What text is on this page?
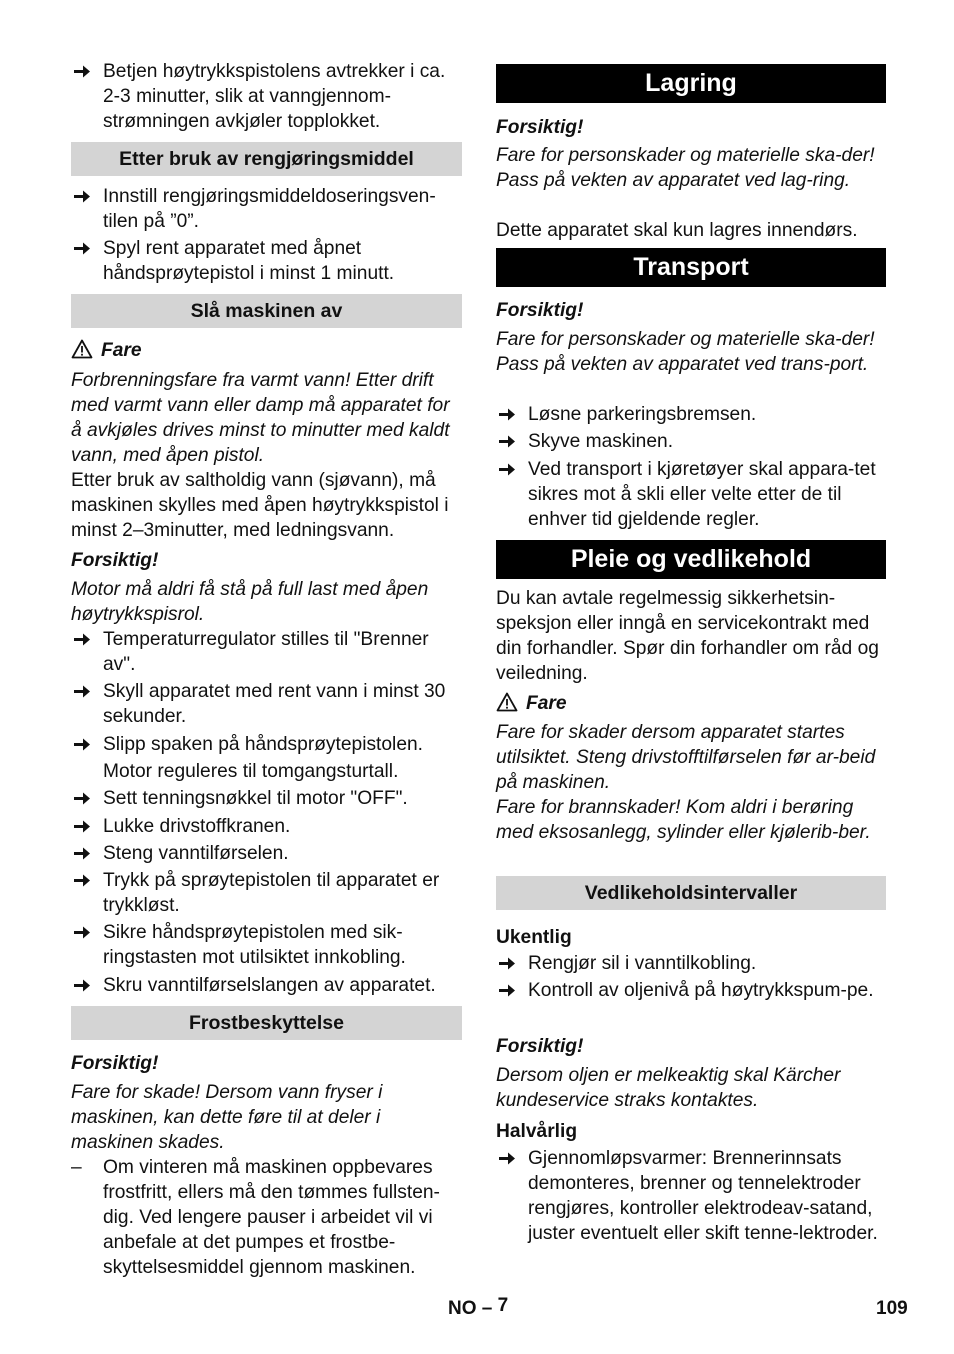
Betjen høytrykkspistolens avtrekker i ca. 2-3 minutter, slik at vanngjennom-strømningen avkjøler topplokket.
Etter bruk av rengjøringsmiddel
Innstill rengjøringsmiddeldoseringsven-tilen på ”0”.
Spyl rent apparatet med åpnet håndsprøytepistol i minst 1 minutt.
Slå maskinen av
Fare
Forbrenningsfare fra varmt vann! Etter drift med varmt vann eller damp må apparatet for å avkjøles drives minst to minutter med kaldt vann, med åpen pistol.
Etter bruk av saltholdig vann (sjøvann), må maskinen skylles med åpen høytrykkspistol i minst 2–3minutter, med ledningsvann.
Forsiktig!
Motor må aldri få stå på full last med åpen høytrykkspisrol.
Temperaturregulator stilles til "Brenner av".
Skyll apparatet med rent vann i minst 30 sekunder.
Slipp spaken på håndsprøytepistolen.
Motor reguleres til tomgangsturtall.
Sett tenningsnøkkel til motor "OFF".
Lukke drivstoffkranen.
Steng vanntilførselen.
Trykk på sprøytepistolen til apparatet er trykkløst.
Sikre håndsprøytepistolen med sik-ringstasten mot utilsiktet innkobling.
Skru vanntilførselslangen av apparatet.
Frostbeskyttelse
Forsiktig!
Fare for skade! Dersom vann fryser i maskinen, kan dette føre til at deler i maskinen skades.
– Om vinteren må maskinen oppbevares frostfritt, ellers må den tømmes fullsten-dig. Ved lengere pauser i arbeidet vil vi anbefale at det pumpes et frostbe-skyttelsesmiddel gjennom maskinen.
Lagring
Forsiktig!
Fare for personskader og materielle ska-der! Pass på vekten av apparatet ved lag-ring.
Dette apparatet skal kun lagres innendørs.
Transport
Forsiktig!
Fare for personskader og materielle ska-der! Pass på vekten av apparatet ved trans-port.
Løsne parkeringsbremsen.
Skyve maskinen.
Ved transport i kjøretøyer skal appara-tet sikres mot å skli eller velte etter de til enhver tid gjeldende regler.
Pleie og vedlikehold
Du kan avtale regelmessig sikkerhetsin-speksjon eller inngå en servicekontrakt med din forhandler. Spør din forhandler om råd og veiledning.
Fare
Fare for skader dersom apparatet startes utilsiktet. Steng drivstofftilførselen før ar-beid på maskinen.
Fare for brannskader! Kom aldri i berøring med eksosanlegg, sylinder eller kjølerib-ber.
Vedlikeholdsintervaller
Ukentlig
Rengjør sil i vanntilkobling.
Kontroll av oljenivå på høytrykkspum-pe.
Forsiktig!
Dersom oljen er melkeaktig skal Kärcher kundeservice straks kontaktes.
Halvårlig
Gjennomløpsvarmer: Brennerinnsats demonteres, brenner og tennelektroder rengjøres, kontroller elektrodeav-satand, juster eventuelt eller skift tenne-lektroder.
NO – 7	109
